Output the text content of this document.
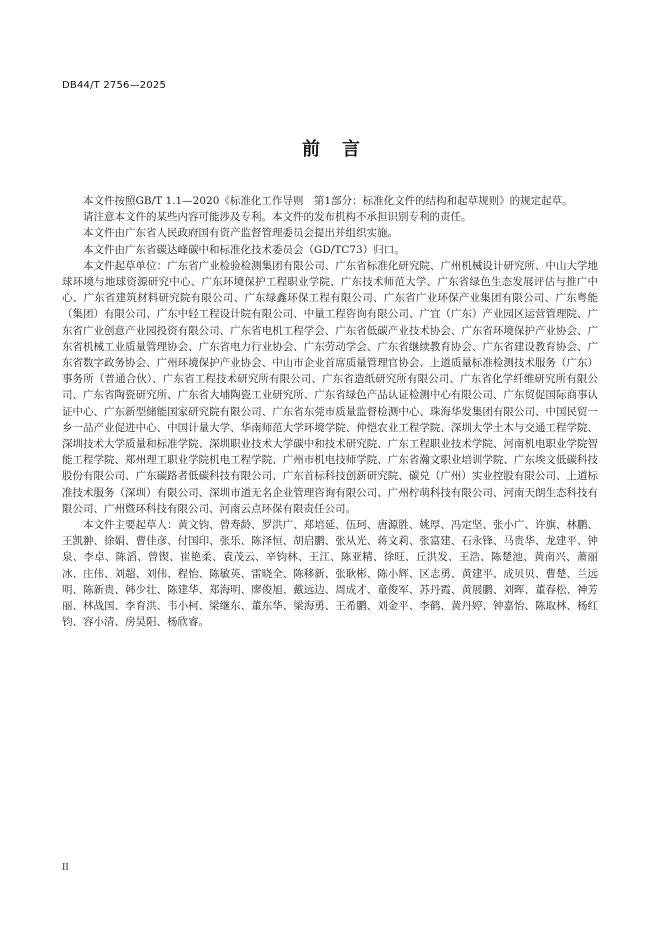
DB44/T 2756—2025
前言

本文件按照GB/T 1.1—2020《标准化工作导则　第1部分：标准化文件的结构和起草规则》的规定起草。

请注意本文件的某些内容可能涉及专利。本文件的发布机构不承担识别专利的责任。

本文件由广东省人民政府国有资产监督管理委员会提出并组织实施。

本文件由广东省碳达峰碳中和标准化技术委员会（GD/TC73）归口。

本文件起草单位：广东省广业检验检测集团有限公司、广东省标准化研究院、广州机械设计研究所、中山大学地球环境与地球资源研究中心、广东环境保护工程职业学院、广东技术师范大学、广东省绿色生态发展评估与推广中心、广东省建筑材料研究院有限公司、广东绿鑫环保工程有限公司、广东省广业环保产业集团有限公司、广东粤能（集团）有限公司、广东中轻工程设计院有限公司、中量工程咨询有限公司、广宜（广东）产业园区运营管理院、广东省广业创意产业园投资有限公司、广东省电机工程学会、广东省低碳产业技术协会、广东省环境保护产业协会、广东省机械工业质量管理协会、广东省电力行业协会、广东劳动学会、广东省继续教育协会、广东省建设教育协会、广东省数字政务协会、广州环境保护产业协会、中山市企业首席质量管理官协会、上道质量标准检测技术服务（广东）事务所（普通合伙）、广东省工程技术研究所有限公司、广东省造纸研究所有限公司、广东省化学纤维研究所有限公司、广东省陶瓷研究所、广东省大埔陶瓷工业研究所、广东省绿色产品认证检测中心有限公司、广东贸促国际商事认证中心、广东新型储能国家研究院有限公司、广东省东莞市质量监督检测中心、珠海华发集团有限公司、中国民贸一乡一品产业促进中心、中国计量大学、华南师范大学环境学院、仲恺农业工程学院、深圳大学土木与交通工程学院、深圳技术大学质量和标准学院、深圳职业技术大学碳中和技术研究院、广东工程职业技术学院、河南机电职业学院智能工程学院、郑州理工职业学院机电工程学院、广州市机电技师学院、广东省瀚文职业培训学院、广东埃文低碳科技股份有限公司、广东碳路者低碳科技有限公司、广东首标科技创新研究院、碳兑（广州）实业控股有限公司、上道标准技术服务（深圳）有限公司、深圳市道无名企业管理咨询有限公司、广州柠萌科技有限公司、河南天朗生态科技有限公司、广州暨环科技有限公司、河南云点环保有限责任公司。

本文件主要起草人：黄文钧、曾寿龄、罗洪广、郑培延、伍珂、唐源胜、姚厚、冯定坚、张小广、许旗、林鹏、王凯翀、徐娟、曹佳彦、付国印、张乐、陈泽恒、胡启鹏、张从光、蒋文莉、张富建、石永锋、马贵华、龙建平、钟泉、李卓、陈滔、曾锲、崔艳柔、袁茂云、辛钧林、王江、陈亚精、徐旺、丘洪发、王浩、陈楚池、黄南兴、萧丽冰、庄伟、刘超、刘伟、程怡、陈敏英、雷晓全、陈移新、张耿彬、陈小辉、区志勇、黄建平、成贝贝、曹楚、兰远明、陈新贵、韩少壮、陈建华、郑海明、廖俊旭、戴远边、周成才、童俊军、苏丹霞、黄展鹏、刘晖、董春松、神芳丽、林战国、李育洪、韦小柯、梁继东、董东华、梁海勇、王希鹏、刘金平、李鹤、黄丹婷、钟嘉怡、陈取林、杨红钧、容小清、房昊阳、杨欣睿。

II
